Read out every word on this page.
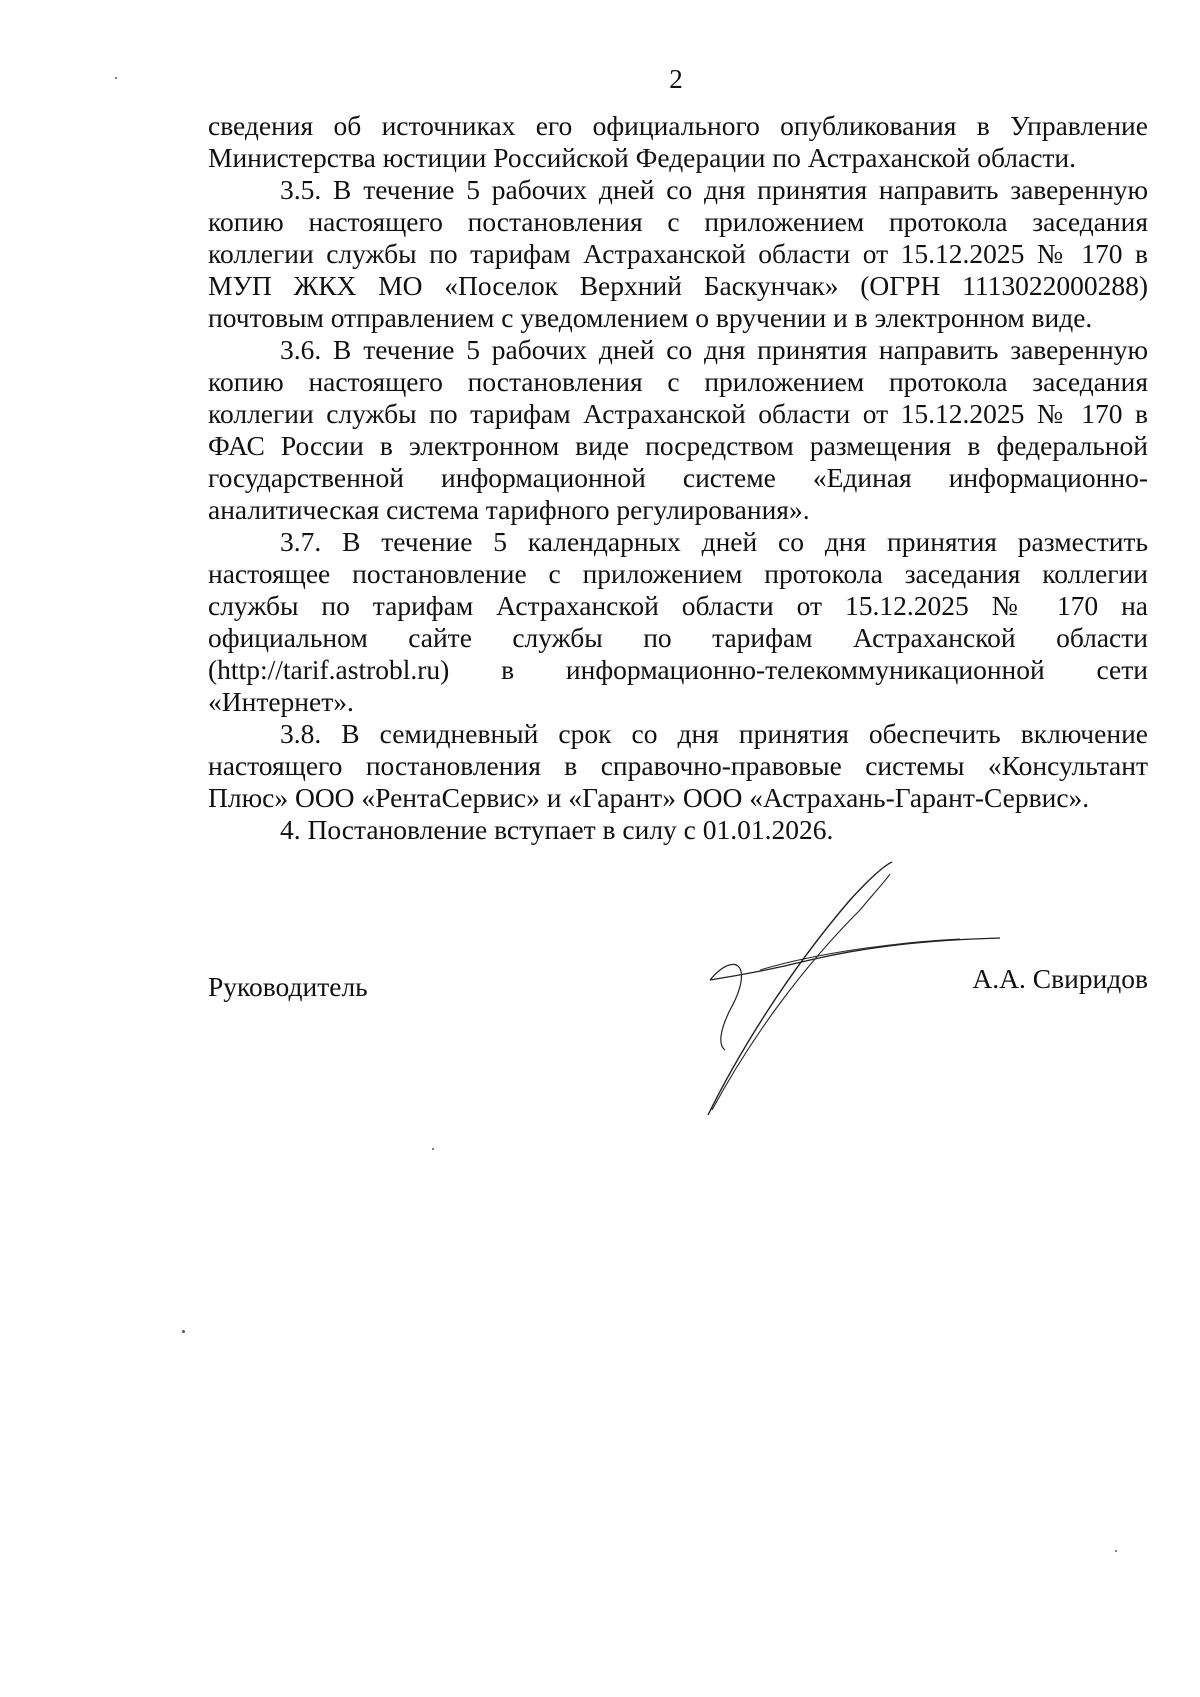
2

сведения об источниках его официального опубликования в Управление Министерства юстиции Российской Федерации по Астраханской области.

3.5. В течение 5 рабочих дней со дня принятия направить заверенную копию настоящего постановления с приложением протокола заседания коллегии службы по тарифам Астраханской области от 15.12.2025 № 170 в МУП ЖКХ МО «Поселок Верхний Баскунчак» (ОГРН 1113022000288) почтовым отправлением с уведомлением о вручении и в электронном виде.

3.6. В течение 5 рабочих дней со дня принятия направить заверенную копию настоящего постановления с приложением протокола заседания коллегии службы по тарифам Астраханской области от 15.12.2025 № 170 в ФАС России в электронном виде посредством размещения в федеральной государственной информационной системе «Единая информационно-аналитическая система тарифного регулирования».

3.7. В течение 5 календарных дней со дня принятия разместить настоящее постановление с приложением протокола заседания коллегии службы по тарифам Астраханской области от 15.12.2025 № 170 на официальном сайте службы по тарифам Астраханской области (http://tarif.astrobl.ru) в информационно-телекоммуникационной сети «Интернет».

3.8. В семидневный срок со дня принятия обеспечить включение настоящего постановления в справочно-правовые системы «Консультант Плюс» ООО «РентаСервис» и «Гарант» ООО «Астрахань-Гарант-Сервис».

4. Постановление вступает в силу с 01.01.2026.

Руководитель	А.А. Свиридов
